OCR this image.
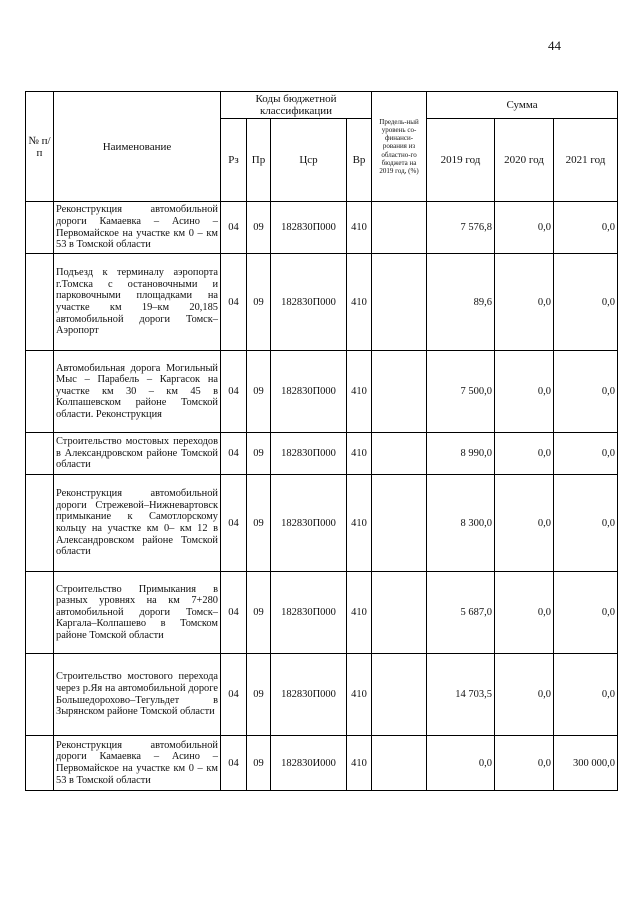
44
№ п/п	Наименование	Коды бюджетной классификации				Предель-ный уровень со-финанси-рования из областно-го бюджета на 2019 год, (%)	Сумма		
		Рз	Пр	Цср	Вр		2019 год	2020 год	2021 год
	Реконструкция автомобильной дороги Камаевка – Асино – Первомайское на участке км 0 – км 53 в Томской области	04	09	182830П000	410		7 576,8	0,0	0,0
	Подъезд к терминалу аэропорта г.Томска с остановочными и парковочными площадками на участке км 19–км 20,185 автомобильной дороги Томск–Аэропорт	04	09	182830П000	410		89,6	0,0	0,0
	Автомобильная дорога Могильный Мыс – Парабель – Каргасок на участке км 30 – км 45 в Колпашевском районе Томской области. Реконструкция	04	09	182830П000	410		7 500,0	0,0	0,0
	Строительство мостовых переходов в Александровском районе Томской области	04	09	182830П000	410		8 990,0	0,0	0,0
	Реконструкция автомобильной дороги Стрежевой–Нижневартовск примыкание к Самотлорскому кольцу на участке км 0– км 12 в Александровском районе Томской области	04	09	182830П000	410		8 300,0	0,0	0,0
	Строительство Примыкания в разных уровнях на км 7+280 автомобильной дороги Томск–Каргала–Колпашево в Томском районе Томской области	04	09	182830П000	410		5 687,0	0,0	0,0
	Строительство мостового перехода через р.Яя на автомобильной дороге Большедорохово–Тегульдет в Зырянском районе Томской области	04	09	182830П000	410		14 703,5	0,0	0,0
	Реконструкция автомобильной дороги Камаевка – Асино – Первомайское на участке км 0 – км 53 в Томской области	04	09	182830И000	410		0,0	0,0	300 000,0
